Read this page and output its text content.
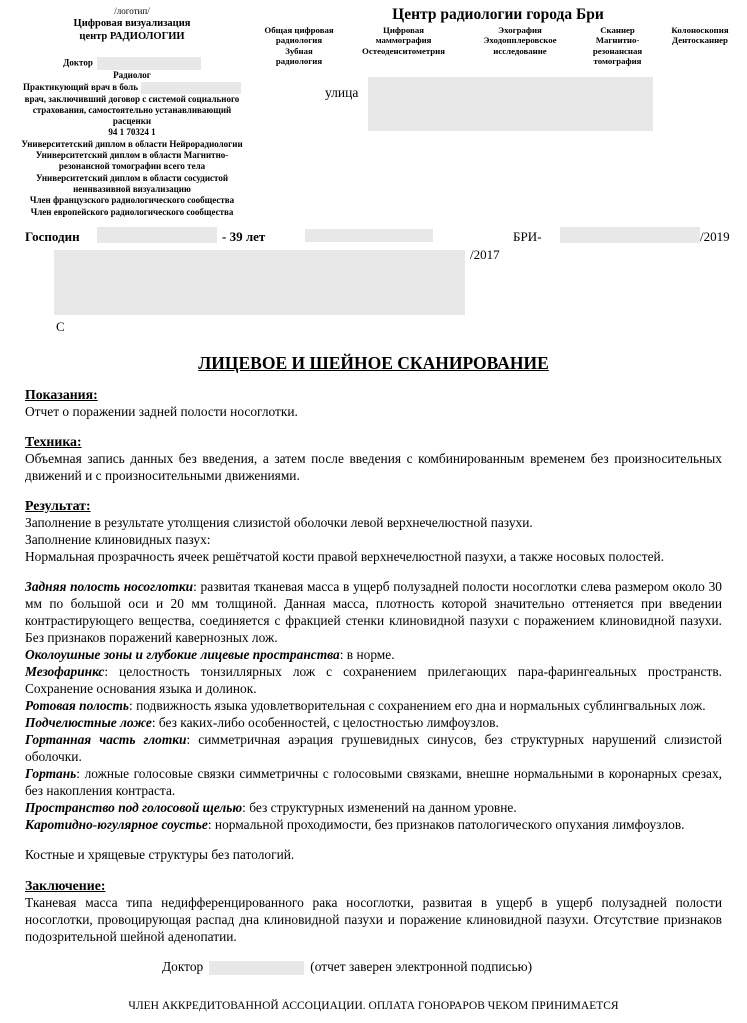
/логотип/
Цифровая визуализация
центр РАДИОЛОГИИ
Доктор
Радиолог
Практикующий врач в боль
врач, заключивший договор с системой социального
страхования, самостоятельно устанавливающий
расценки
94 1 70324 1
Университетский диплом в области Нейрорадиологии
Университетский диплом в области Магнитно-
резонансной томографии всего тела
Университетский диплом в области сосудистой
неинвазивной визуализацию
Член французского радиологического сообщества
Член европейского радиологического сообщества
Центр радиологии города Бри
Общая цифровая
радиология
Зубная
радиология
Цифровая
маммография
Остеоденситометрия
Эхография
Эходопплеровское
исследование
Сканнер
Магнитно-
резонансная
томография
Колоноскопия
Дентосканнер
улица
Господин	- 39 лет	БРИ-	/2019
/2017
С
ЛИЦЕВОЕ И ШЕЙНОЕ СКАНИРОВАНИЕ

Показания:

Отчет о поражении задней полости носоглотки.

Техника:

Объемная запись данных без введения, а затем после введения с комбинированным временем без произносительных движений и с произносительными движениями.

Результат:

Заполнение в результате утолщения слизистой оболочки левой верхнечелюстной пазухи.

Заполнение клиновидных пазух:

Нормальная прозрачность ячеек решётчатой кости правой верхнечелюстной пазухи, а также носовых полостей.

Задняя полость носоглотки: развитая тканевая масса в ущерб полузадней полости носоглотки слева размером около 30 мм по большой оси и 20 мм толщиной. Данная масса, плотность которой значительно оттеняется при введении контрастирующего вещества, соединяется с фракцией стенки клиновидной пазухи с поражением клиновидной пазухи. Без признаков поражений кавернозных лож.

Околоушные зоны и глубокие лицевые пространства: в норме.

Мезофаринкс: целостность тонзиллярных лож с сохранением прилегающих пара-фарингеальных пространств. Сохранение основания языка и долинок.

Ротовая полость: подвижность языка удовлетворительная с сохранением его дна и нормальных сублингвальных лож.

Подчелюстные ложе: без каких-либо особенностей, с целостностью лимфоузлов.

Гортанная часть глотки: симметричная аэрация грушевидных синусов, без структурных нарушений слизистой оболочки.

Гортань: ложные голосовые связки симметричны с голосовыми связками, внешне нормальными в коронарных срезах, без накопления контраста.

Пространство под голосовой щелью: без структурных изменений на данном уровне.

Каротидно-югулярное соустье: нормальной проходимости, без признаков патологического опухания лимфоузлов.

Костные и хрящевые структуры без патологий.

Заключение:

Тканевая масса типа недифференцированного рака носоглотки, развитая в ущерб в ущерб полузадней полости носоглотки, провоцирующая распад дна клиновидной пазухи и поражение клиновидной пазухи. Отсутствие признаков подозрительной шейной аденопатии.

Доктор	(отчет заверен электронной подписью)

ЧЛЕН АККРЕДИТОВАННОЙ АССОЦИАЦИИ. ОПЛАТА ГОНОРАРОВ ЧЕКОМ ПРИНИМАЕТСЯ
